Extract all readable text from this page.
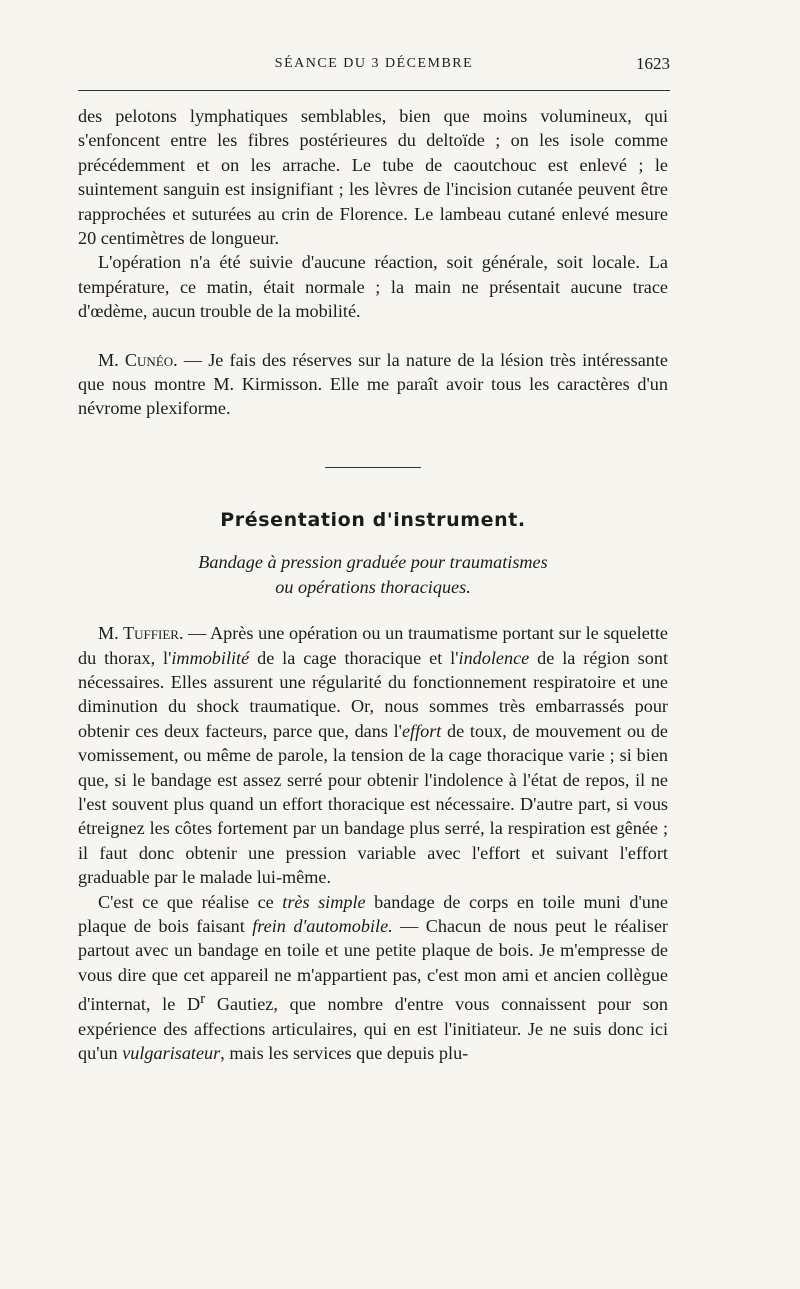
SÉANCE DU 3 DÉCEMBRE	1623

des pelotons lymphatiques semblables, bien que moins volumineux, qui s'enfoncent entre les fibres postérieures du deltoïde ; on les isole comme précédemment et on les arrache. Le tube de caoutchouc est enlevé ; le suintement sanguin est insignifiant ; les lèvres de l'incision cutanée peuvent être rapprochées et suturées au crin de Florence. Le lambeau cutané enlevé mesure 20 centimètres de longueur.

L'opération n'a été suivie d'aucune réaction, soit générale, soit locale. La température, ce matin, était normale ; la main ne présentait aucune trace d'œdème, aucun trouble de la mobilité.

M. Cunéo. — Je fais des réserves sur la nature de la lésion très intéressante que nous montre M. Kirmisson. Elle me paraît avoir tous les caractères d'un névrome plexiforme.

Présentation d'instrument.

Bandage à pression graduée pour traumatismes

ou opérations thoraciques.

M. Tuffier. — Après une opération ou un traumatisme portant sur le squelette du thorax, l'immobilité de la cage thoracique et l'indolence de la région sont nécessaires. Elles assurent une régularité du fonctionnement respiratoire et une diminution du shock traumatique. Or, nous sommes très embarrassés pour obtenir ces deux facteurs, parce que, dans l'effort de toux, de mouvement ou de vomissement, ou même de parole, la tension de la cage thoracique varie ; si bien que, si le bandage est assez serré pour obtenir l'indolence à l'état de repos, il ne l'est souvent plus quand un effort thoracique est nécessaire. D'autre part, si vous étreignez les côtes fortement par un bandage plus serré, la respiration est gênée ; il faut donc obtenir une pression variable avec l'effort et suivant l'effort graduable par le malade lui-même.

C'est ce que réalise ce très simple bandage de corps en toile muni d'une plaque de bois faisant frein d'automobile. — Chacun de nous peut le réaliser partout avec un bandage en toile et une petite plaque de bois. Je m'empresse de vous dire que cet appareil ne m'appartient pas, c'est mon ami et ancien collègue d'internat, le $D^r$ Gautiez, que nombre d'entre vous connaissent pour son expérience des affections articulaires, qui en est l'initiateur. Je ne suis donc ici qu'un vulgarisateur, mais les services que depuis plu-
